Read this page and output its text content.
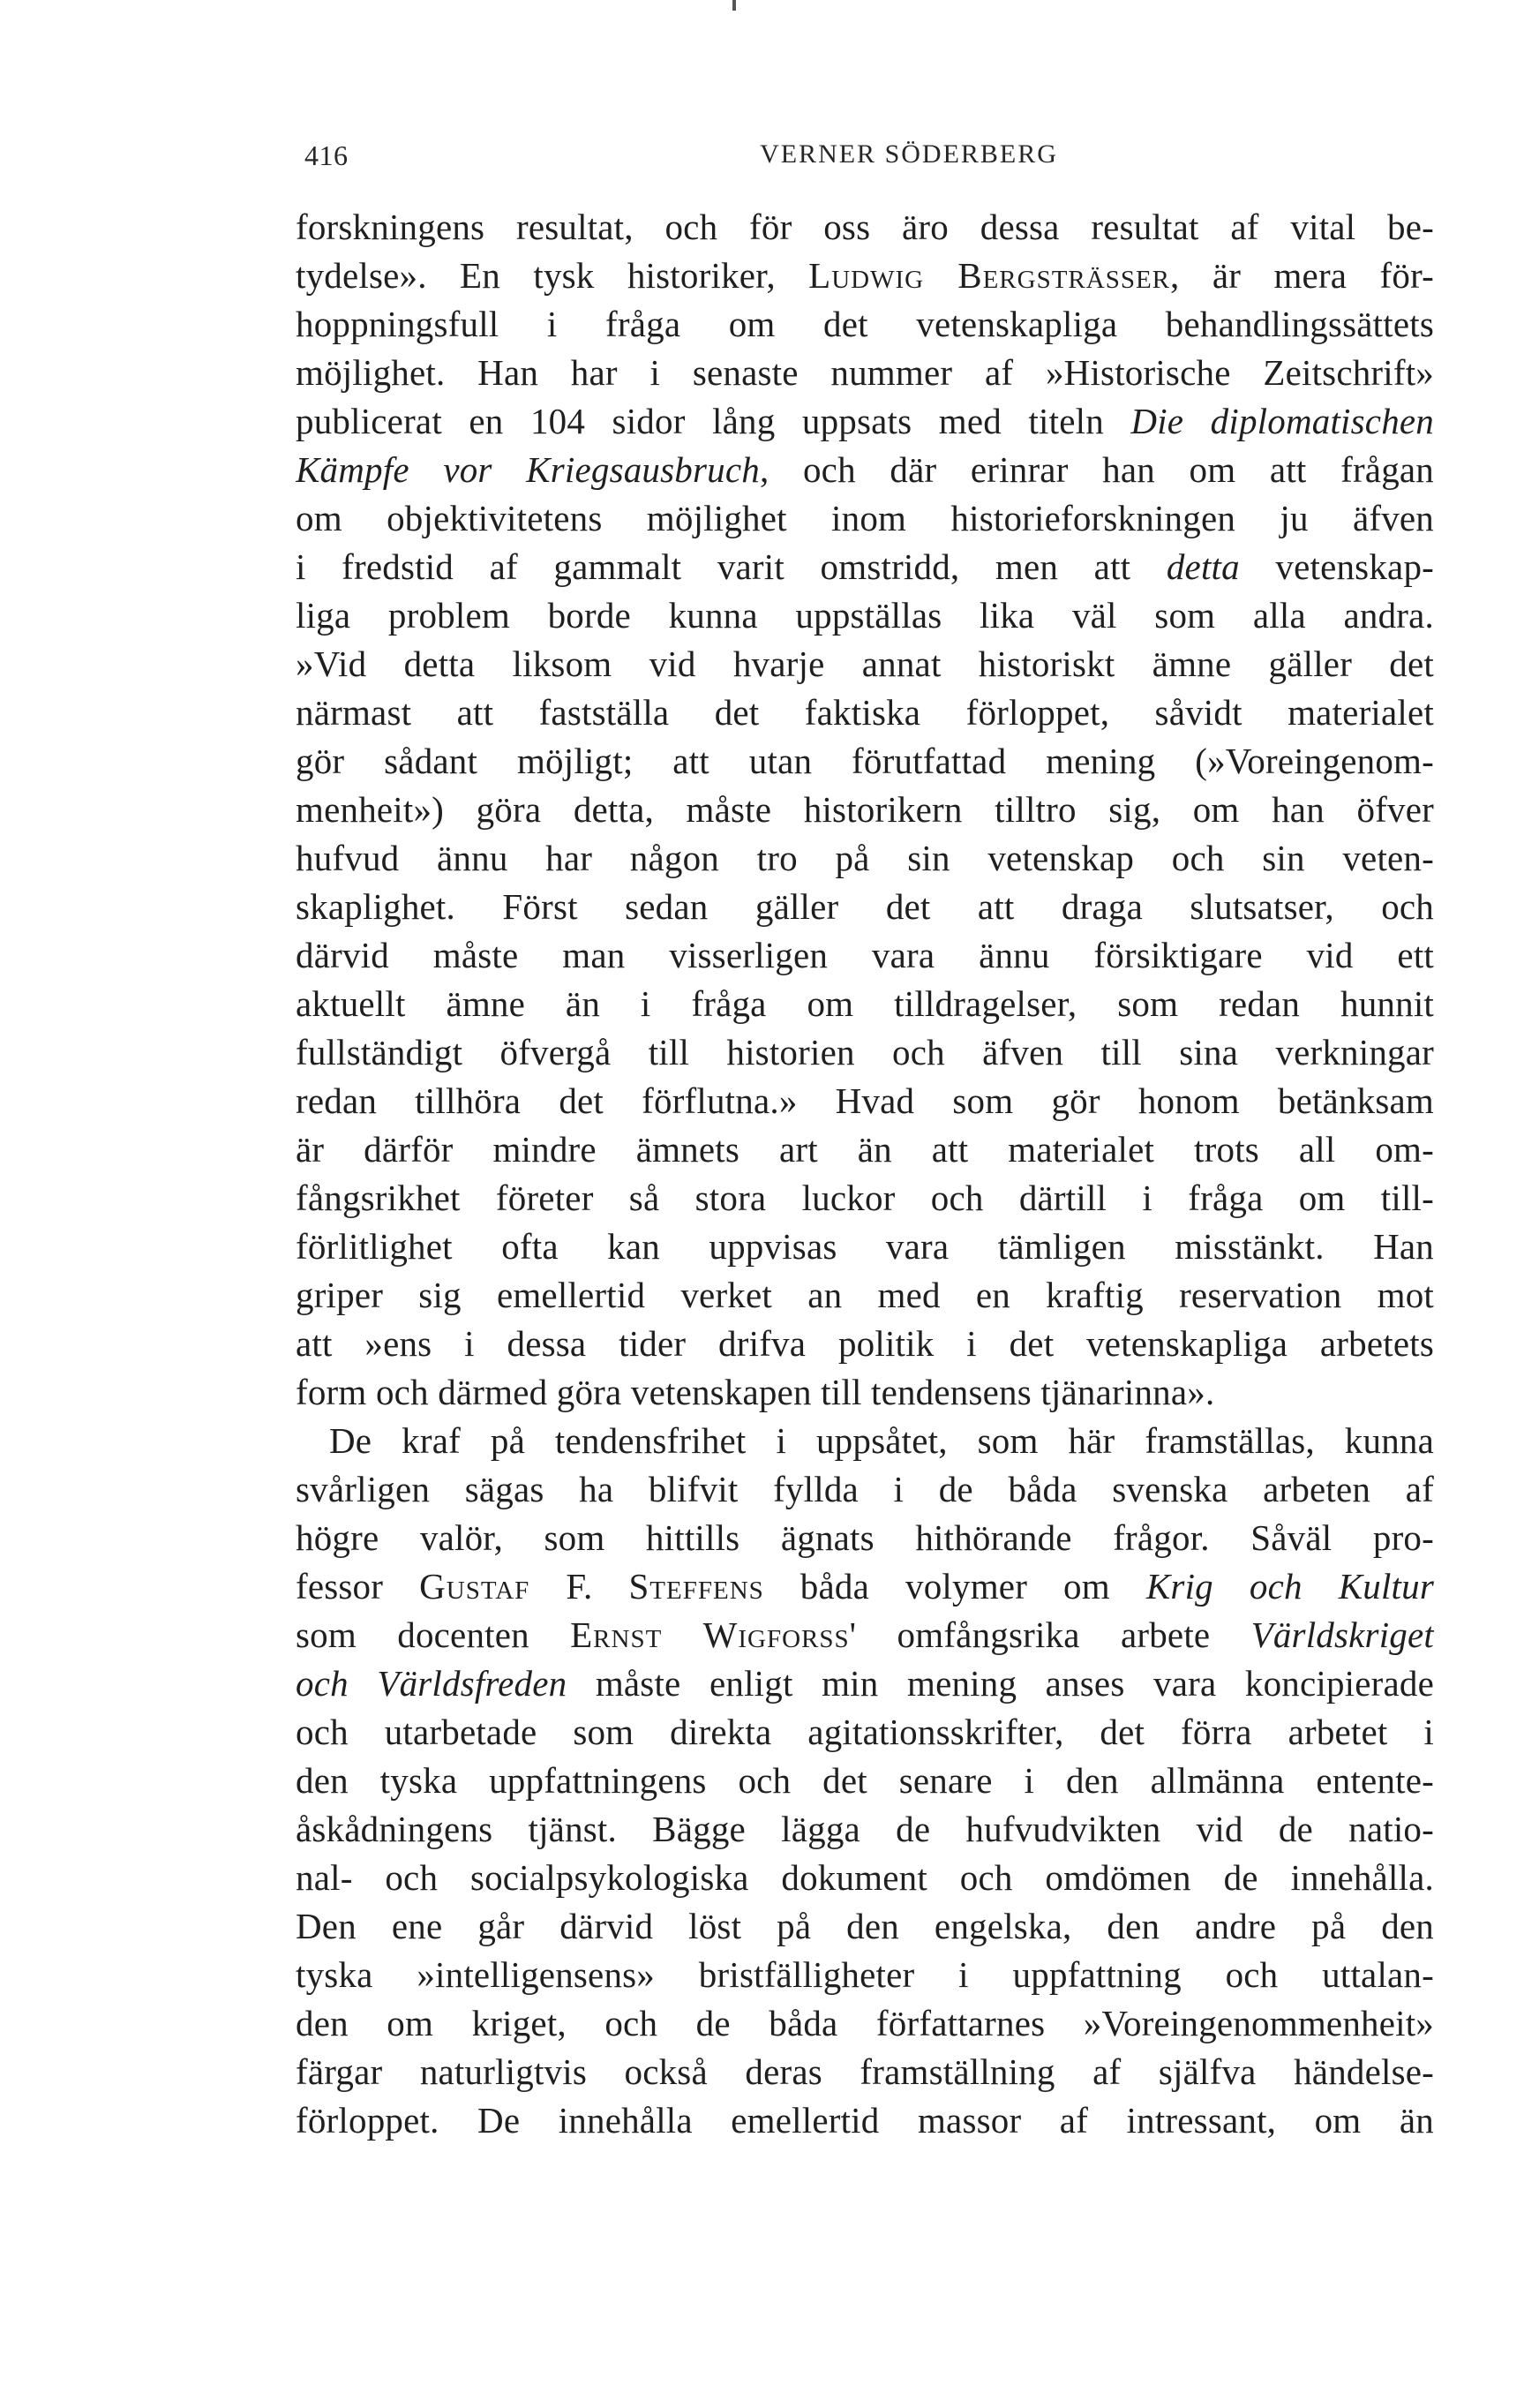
416	VERNER SÖDERBERG
forskningens resultat, och för oss äro dessa resultat af vital be-
tydelse». En tysk historiker, Ludwig Bergsträsser, är mera för-
hoppningsfull i fråga om det vetenskapliga behandlingssättets
möjlighet. Han har i senaste nummer af »Historische Zeitschrift»
publicerat en 104 sidor lång uppsats med titeln Die diplomatischen
Kämpfe vor Kriegsausbruch, och där erinrar han om att frågan
om objektivitetens möjlighet inom historieforskningen ju äfven
i fredstid af gammalt varit omstridd, men att detta vetenskap-
liga problem borde kunna uppställas lika väl som alla andra.
»Vid detta liksom vid hvarje annat historiskt ämne gäller det
närmast att fastställa det faktiska förloppet, såvidt materialet
gör sådant möjligt; att utan förutfattad mening (»Voreingenom-
menheit») göra detta, måste historikern tilltro sig, om han öfver
hufvud ännu har någon tro på sin vetenskap och sin veten-
skaplighet. Först sedan gäller det att draga slutsatser, och
därvid måste man visserligen vara ännu försiktigare vid ett
aktuellt ämne än i fråga om tilldragelser, som redan hunnit
fullständigt öfvergå till historien och äfven till sina verkningar
redan tillhöra det förflutna.» Hvad som gör honom betänksam
är därför mindre ämnets art än att materialet trots all om-
fångsrikhet företer så stora luckor och därtill i fråga om till-
förlitlighet ofta kan uppvisas vara tämligen misstänkt. Han
griper sig emellertid verket an med en kraftig reservation mot
att »ens i dessa tider drifva politik i det vetenskapliga arbetets
form och därmed göra vetenskapen till tendensens tjänarinna».
De kraf på tendensfrihet i uppsåtet, som här framställas, kunna
svårligen sägas ha blifvit fyllda i de båda svenska arbeten af
högre valör, som hittills ägnats hithörande frågor. Såväl pro-
fessor Gustaf F. Steffens båda volymer om Krig och Kultur
som docenten Ernst Wigforss' omfångsrika arbete Världskriget
och Världsfreden måste enligt min mening anses vara koncipierade
och utarbetade som direkta agitationsskrifter, det förra arbetet i
den tyska uppfattningens och det senare i den allmänna entente-
åskådningens tjänst. Bägge lägga de hufvudvikten vid de natio-
nal- och socialpsykologiska dokument och omdömen de innehålla.
Den ene går därvid löst på den engelska, den andre på den
tyska »intelligensens» bristfälligheter i uppfattning och uttalan-
den om kriget, och de båda författarnes »Voreingenommenheit»
färgar naturligtvis också deras framställning af själfva händelse-
förloppet. De innehålla emellertid massor af intressant, om än
